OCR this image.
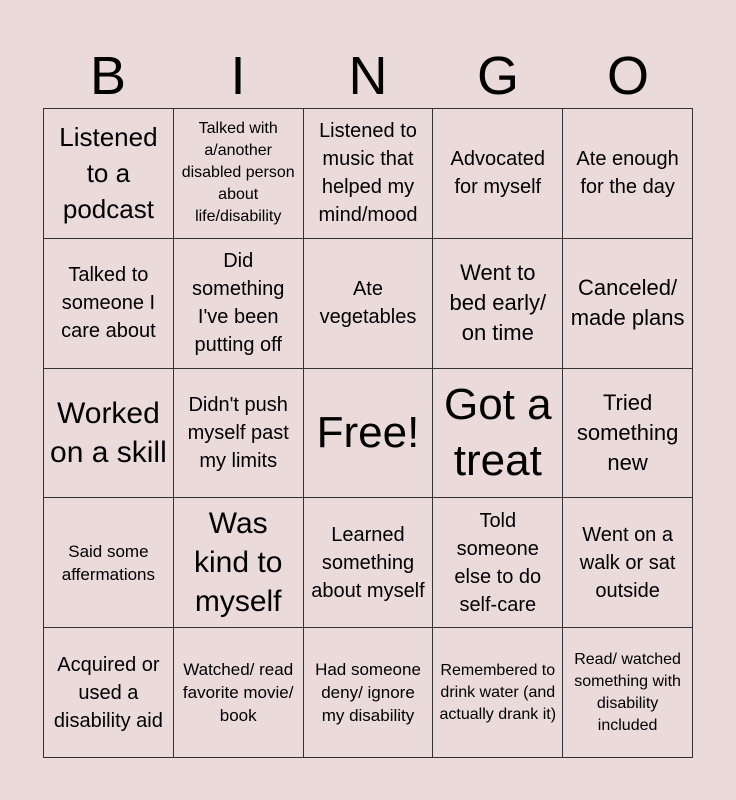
B	I	N	G	O
Listened to a podcast
Talked with a/another disabled person about life/disability
Listened to music that helped my mind/mood
Advocated for myself
Ate enough for the day
Talked to someone I care about
Did something I've been putting off
Ate vegetables
Went to bed early/ on time
Canceled/ made plans
Worked on a skill
Didn't push myself past my limits
Free!
Got a treat
Tried something new
Said some affermations
Was kind to myself
Learned something about myself
Told someone else to do self-care
Went on a walk or sat outside
Acquired or used a disability aid
Watched/ read favorite movie/ book
Had someone deny/ ignore my disability
Remembered to drink water (and actually drank it)
Read/ watched something with disability included
